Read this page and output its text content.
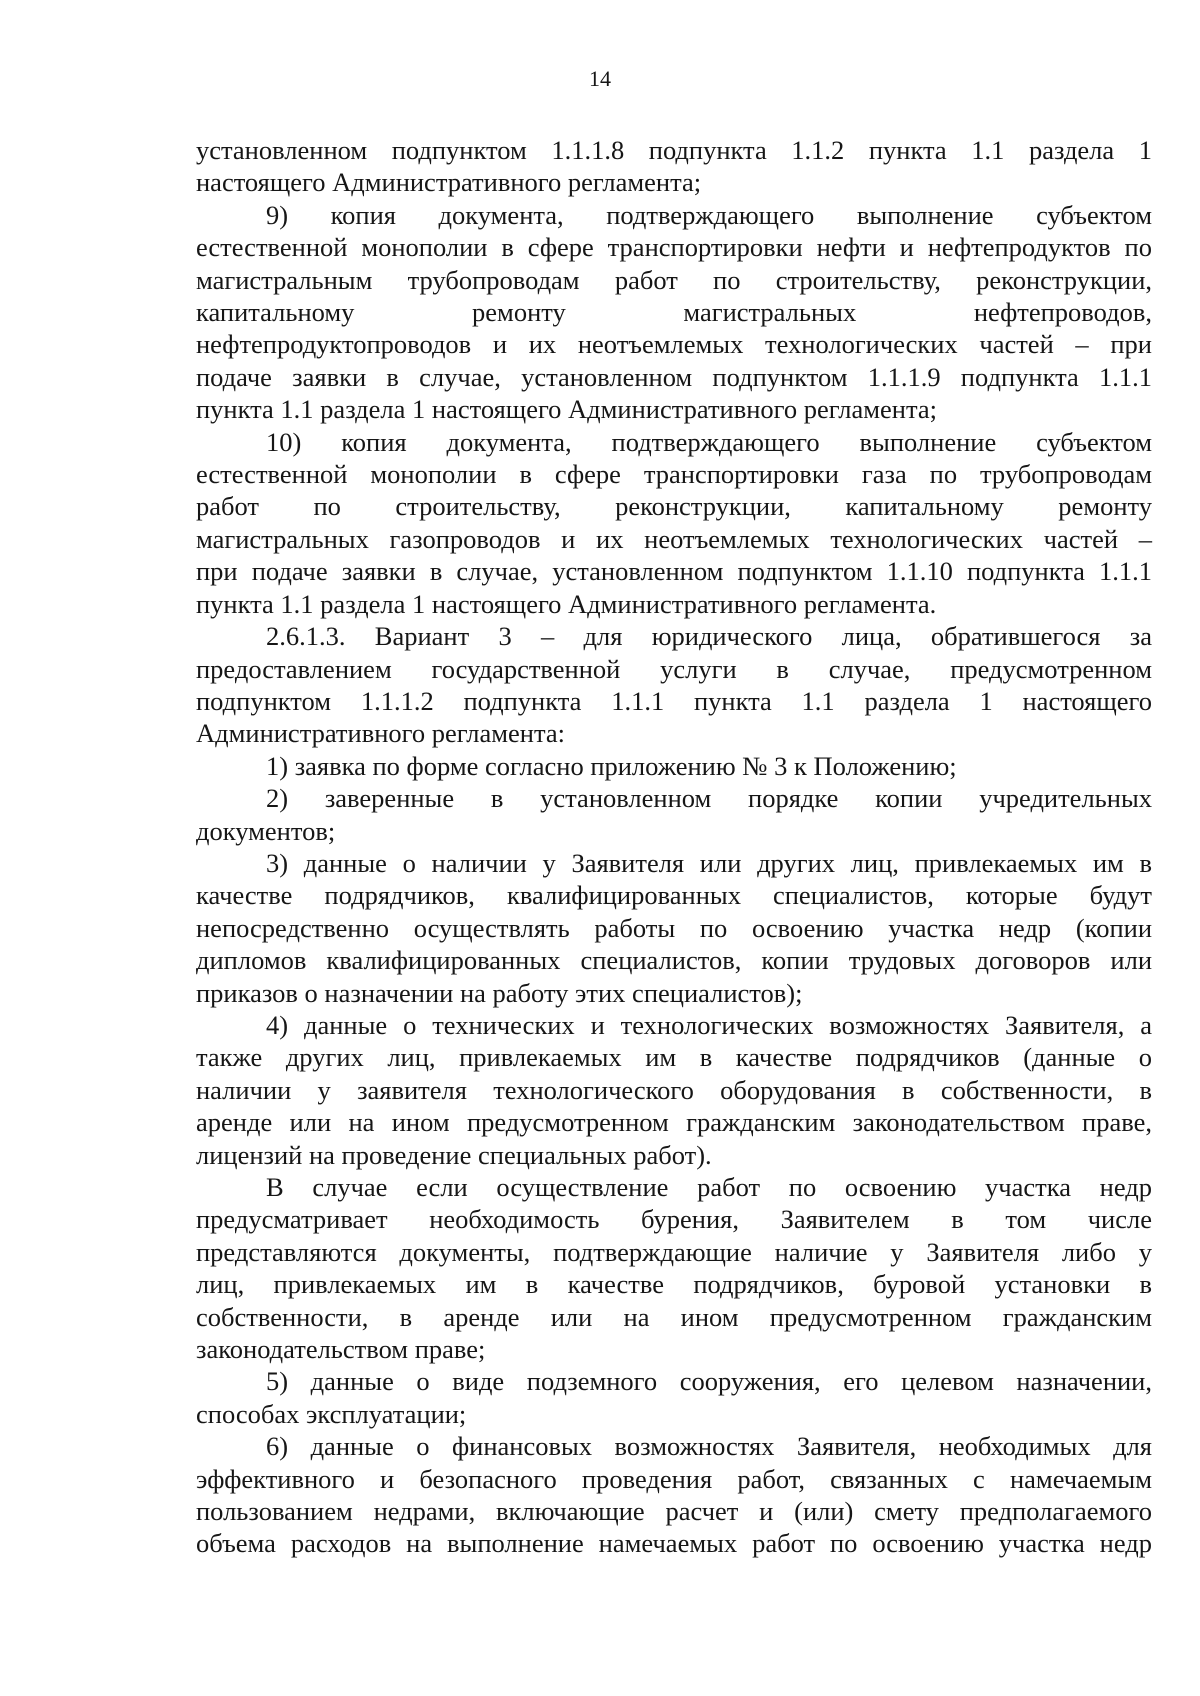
14
установленном подпунктом 1.1.1.8 подпункта 1.1.2 пункта 1.1 раздела 1
настоящего Административного регламента;
9) копия документа, подтверждающего выполнение субъектом
естественной монополии в сфере транспортировки нефти и нефтепродуктов по
магистральным трубопроводам работ по строительству, реконструкции,
капитальному ремонту магистральных нефтепроводов,
нефтепродуктопроводов и их неотъемлемых технологических частей – при
подаче заявки в случае, установленном подпунктом 1.1.1.9 подпункта 1.1.1
пункта 1.1 раздела 1 настоящего Административного регламента;
10) копия документа, подтверждающего выполнение субъектом
естественной монополии в сфере транспортировки газа по трубопроводам
работ по строительству, реконструкции, капитальному ремонту
магистральных газопроводов и их неотъемлемых технологических частей –
при подаче заявки в случае, установленном подпунктом 1.1.10 подпункта 1.1.1
пункта 1.1 раздела 1 настоящего Административного регламента.
2.6.1.3. Вариант 3 – для юридического лица, обратившегося за
предоставлением государственной услуги в случае, предусмотренном
подпунктом 1.1.1.2 подпункта 1.1.1 пункта 1.1 раздела 1 настоящего
Административного регламента:
1) заявка по форме согласно приложению № 3 к Положению;
2) заверенные в установленном порядке копии учредительных
документов;
3) данные о наличии у Заявителя или других лиц, привлекаемых им в
качестве подрядчиков, квалифицированных специалистов, которые будут
непосредственно осуществлять работы по освоению участка недр (копии
дипломов квалифицированных специалистов, копии трудовых договоров или
приказов о назначении на работу этих специалистов);
4) данные о технических и технологических возможностях Заявителя, а
также других лиц, привлекаемых им в качестве подрядчиков (данные о
наличии у заявителя технологического оборудования в собственности, в
аренде или на ином предусмотренном гражданским законодательством праве,
лицензий на проведение специальных работ).
В случае если осуществление работ по освоению участка недр
предусматривает необходимость бурения, Заявителем в том числе
представляются документы, подтверждающие наличие у Заявителя либо у
лиц, привлекаемых им в качестве подрядчиков, буровой установки в
собственности, в аренде или на ином предусмотренном гражданским
законодательством праве;
5) данные о виде подземного сооружения, его целевом назначении,
способах эксплуатации;
6) данные о финансовых возможностях Заявителя, необходимых для
эффективного и безопасного проведения работ, связанных с намечаемым
пользованием недрами, включающие расчет и (или) смету предполагаемого
объема расходов на выполнение намечаемых работ по освоению участка недр
